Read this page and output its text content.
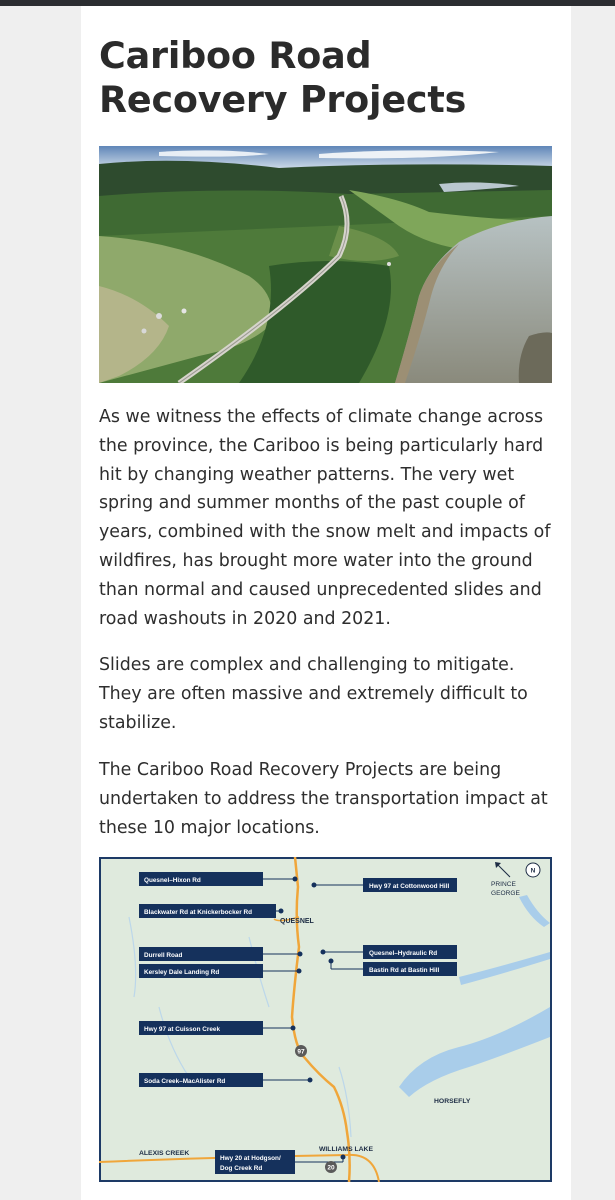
Cariboo Road Recovery Projects

As we witness the effects of climate change across the province, the Cariboo is being particularly hard hit by changing weather patterns. The very wet spring and summer months of the past couple of years, combined with the snow melt and impacts of wildfires, has brought more water into the ground than normal and caused unprecedented slides and road washouts in 2020 and 2021.

Slides are complex and challenging to mitigate. They are often massive and extremely difficult to stabilize.

The Cariboo Road Recovery Projects are being undertaken to address the transportation impact at these 10 major locations.

Quesnel–Hixon Rd
Hwy 97 at Cottonwood Hill
Blackwater Rd at Knickerbocker Rd
Durrell Road	Quesnel–Hydraulic Rd
Kersley Dale Landing Rd	Bastin Rd at Bastin Hill
Hwy 97 at Cuisson Creek
Soda Creek–MacAlister Rd
Hwy 20 at Hodgson/
Dog Creek Rd
QUESNEL
PRINCE
GEORGE
HORSEFLY
ALEXIS CREEK
WILLIAMS LAKE
97
20
N
